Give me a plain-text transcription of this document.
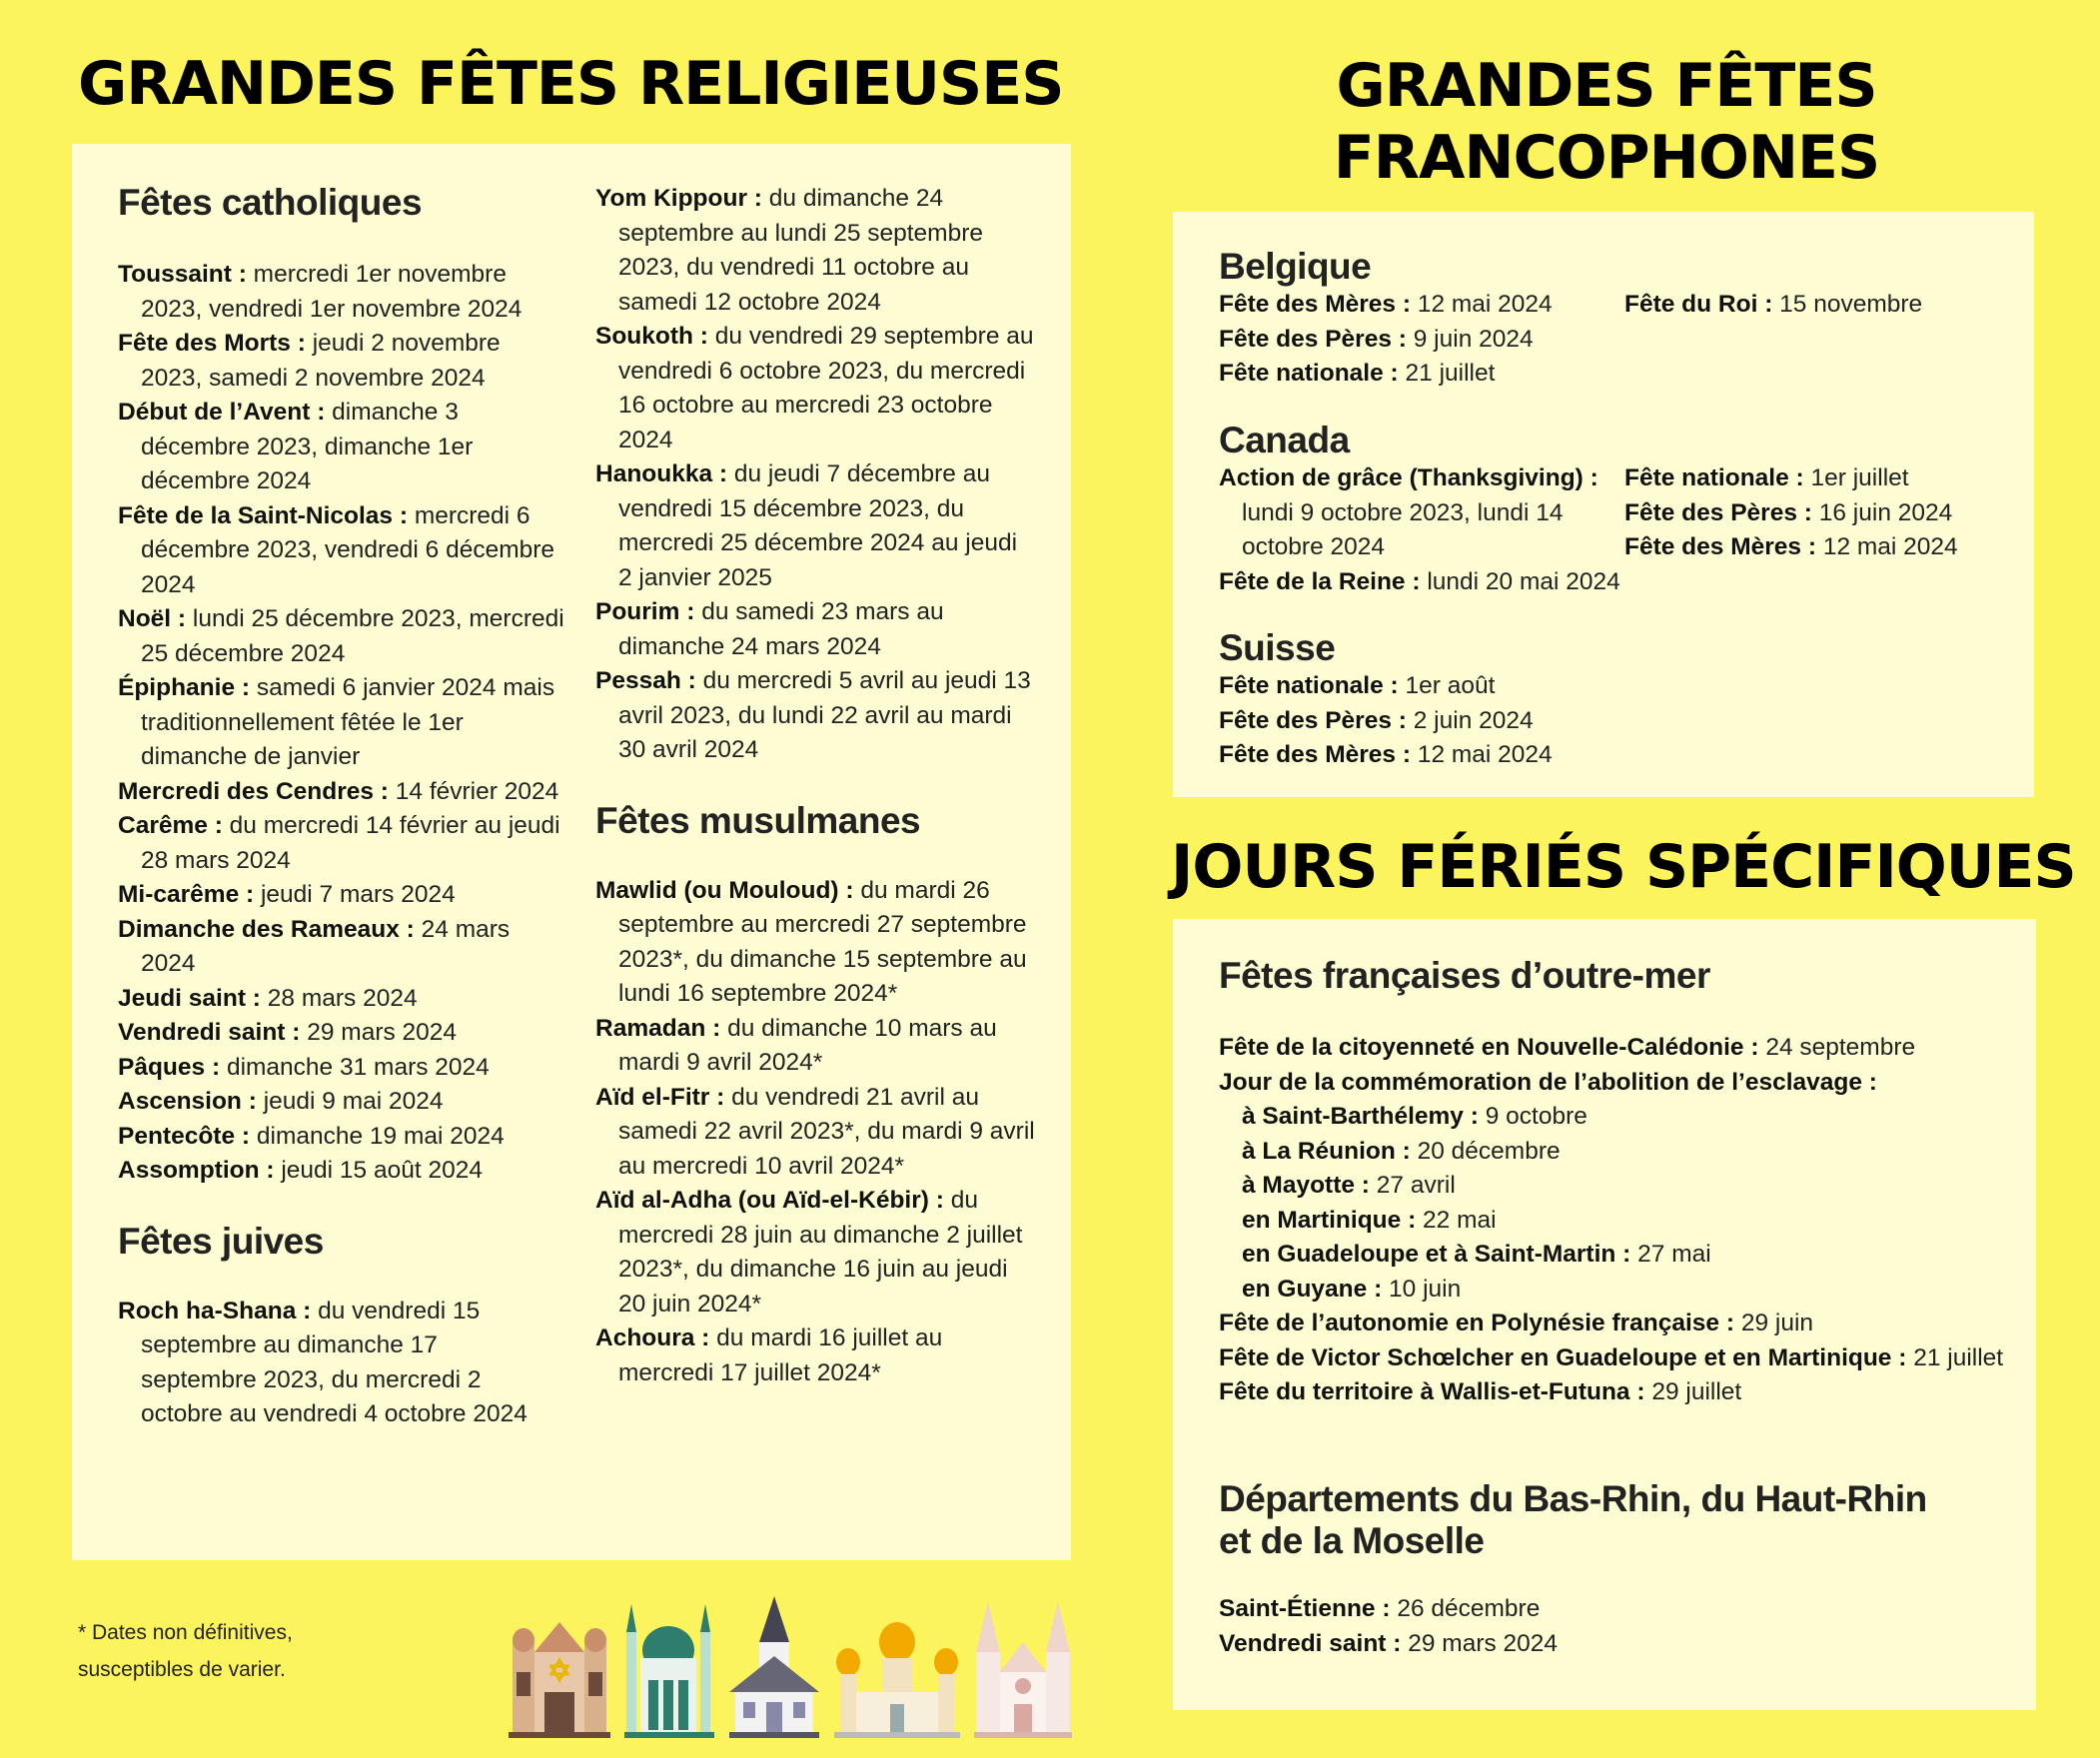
GRANDES FÊTES RELIGIEUSES
Fêtes catholiques
Toussaint : mercredi 1er novembre 2023, vendredi 1er novembre 2024
Fête des Morts : jeudi 2 novembre 2023, samedi 2 novembre 2024
Début de l’Avent : dimanche 3 décembre 2023, dimanche 1er décembre 2024
Fête de la Saint-Nicolas : mercredi 6 décembre 2023, vendredi 6 décembre 2024
Noël : lundi 25 décembre 2023, mercredi 25 décembre 2024
Épiphanie : samedi 6 janvier 2024 mais traditionnellement fêtée le 1er dimanche de janvier
Mercredi des Cendres : 14 février 2024
Carême : du mercredi 14 février au jeudi 28 mars 2024
Mi-carême : jeudi 7 mars 2024
Dimanche des Rameaux : 24 mars 2024
Jeudi saint : 28 mars 2024
Vendredi saint : 29 mars 2024
Pâques : dimanche 31 mars 2024
Ascension : jeudi 9 mai 2024
Pentecôte : dimanche 19 mai 2024
Assomption : jeudi 15 août 2024
Fêtes juives
Roch ha-Shana : du vendredi 15 septembre au dimanche 17 septembre 2023, du mercredi 2 octobre au vendredi 4 octobre 2024
Yom Kippour : du dimanche 24 septembre au lundi 25 septembre 2023, du vendredi 11 octobre au samedi 12 octobre 2024
Soukoth : du vendredi 29 septembre au vendredi 6 octobre 2023, du mercredi 16 octobre au mercredi 23 octobre 2024
Hanoukka : du jeudi 7 décembre au vendredi 15 décembre 2023, du mercredi 25 décembre 2024 au jeudi 2 janvier 2025
Pourim : du samedi 23 mars au dimanche 24 mars 2024
Pessah : du mercredi 5 avril au jeudi 13 avril 2023, du lundi 22 avril au mardi 30 avril 2024
Fêtes musulmanes
Mawlid (ou Mouloud) : du mardi 26 septembre au mercredi 27 septembre 2023*, du dimanche 15 septembre au lundi 16 septembre 2024*
Ramadan : du dimanche 10 mars au mardi 9 avril 2024*
Aïd el-Fitr : du vendredi 21 avril au samedi 22 avril 2023*, du mardi 9 avril au mercredi 10 avril 2024*
Aïd al-Adha (ou Aïd-el-Kébir) : du mercredi 28 juin au dimanche 2 juillet 2023*, du dimanche 16 juin au jeudi 20 juin 2024*
Achoura : du mardi 16 juillet au mercredi 17 juillet 2024*
* Dates non définitives,
susceptibles de varier.
GRANDES FÊTES
FRANCOPHONES
Belgique
Fête des Mères : 12 mai 2024
Fête des Pères : 9 juin 2024
Fête nationale : 21 juillet
Fête du Roi : 15 novembre
Canada
Action de grâce (Thanksgiving) : lundi 9 octobre 2023, lundi 14 octobre 2024
Fête de la Reine : lundi 20 mai 2024
Fête nationale : 1er juillet
Fête des Pères : 16 juin 2024
Fête des Mères : 12 mai 2024
Suisse
Fête nationale : 1er août
Fête des Pères : 2 juin 2024
Fête des Mères : 12 mai 2024
JOURS FÉRIÉS SPÉCIFIQUES
Fêtes françaises d’outre-mer
Fête de la citoyenneté en Nouvelle-Calédonie : 24 septembre
Jour de la commémoration de l’abolition de l’esclavage :
à Saint-Barthélemy : 9 octobre
à La Réunion : 20 décembre
à Mayotte : 27 avril
en Martinique : 22 mai
en Guadeloupe et à Saint-Martin : 27 mai
en Guyane : 10 juin
Fête de l’autonomie en Polynésie française : 29 juin
Fête de Victor Schœlcher en Guadeloupe et en Martinique : 21 juillet
Fête du territoire à Wallis-et-Futuna : 29 juillet
Départements du Bas-Rhin, du Haut-Rhin
et de la Moselle
Saint-Étienne : 26 décembre
Vendredi saint : 29 mars 2024
